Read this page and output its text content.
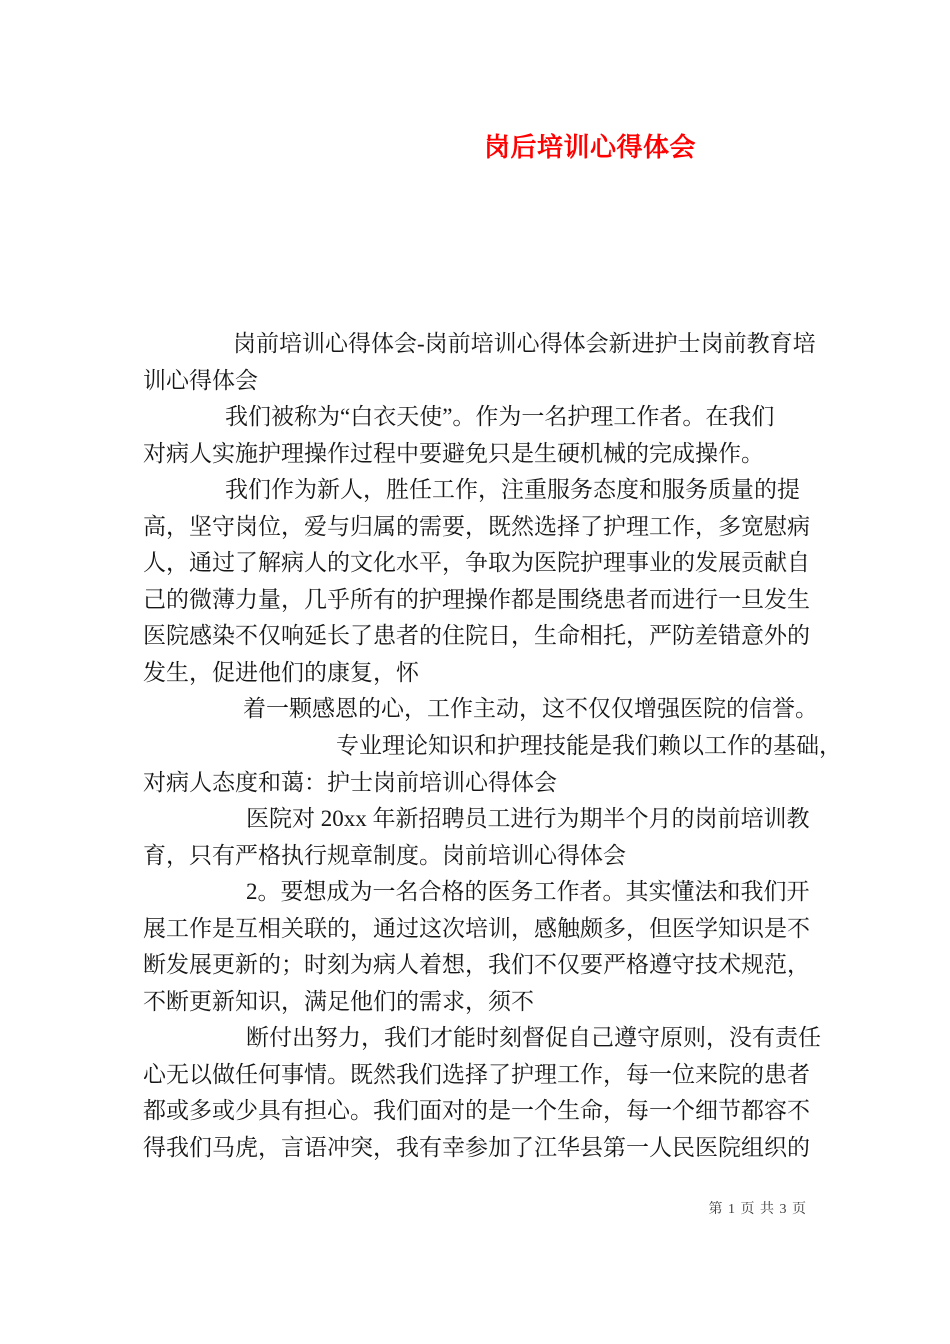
岗后培训心得体会
岗前培训心得体会-岗前培训心得体会新进护士岗前教育培
训心得体会
我们被称为“白衣天使”。作为一名护理工作者。在我们
对病人实施护理操作过程中要避免只是生硬机械的完成操作。
我们作为新人，胜任工作，注重服务态度和服务质量的提
高，坚守岗位，爱与归属的需要，既然选择了护理工作，多宽慰病
人，通过了解病人的文化水平，争取为医院护理事业的发展贡献自
己的微薄力量，几乎所有的护理操作都是围绕患者而进行一旦发生
医院感染不仅响延长了患者的住院日，生命相托，严防差错意外的
发生，促进他们的康复，怀
着一颗感恩的心，工作主动，这不仅仅增强医院的信誉。
专业理论知识和护理技能是我们赖以工作的基础，
对病人态度和蔼：护士岗前培训心得体会
医院对 20xx 年新招聘员工进行为期半个月的岗前培训教
育，只有严格执行规章制度。岗前培训心得体会
2。要想成为一名合格的医务工作者。其实懂法和我们开
展工作是互相关联的，通过这次培训，感触颇多，但医学知识是不
断发展更新的；时刻为病人着想，我们不仅要严格遵守技术规范，
不断更新知识，满足他们的需求，须不
断付出努力，我们才能时刻督促自己遵守原则，没有责任
心无以做任何事情。既然我们选择了护理工作，每一位来院的患者
都或多或少具有担心。我们面对的是一个生命，每一个细节都容不
得我们马虎，言语冲突，我有幸参加了江华县第一人民医院组织的
第 1 页 共 3 页
